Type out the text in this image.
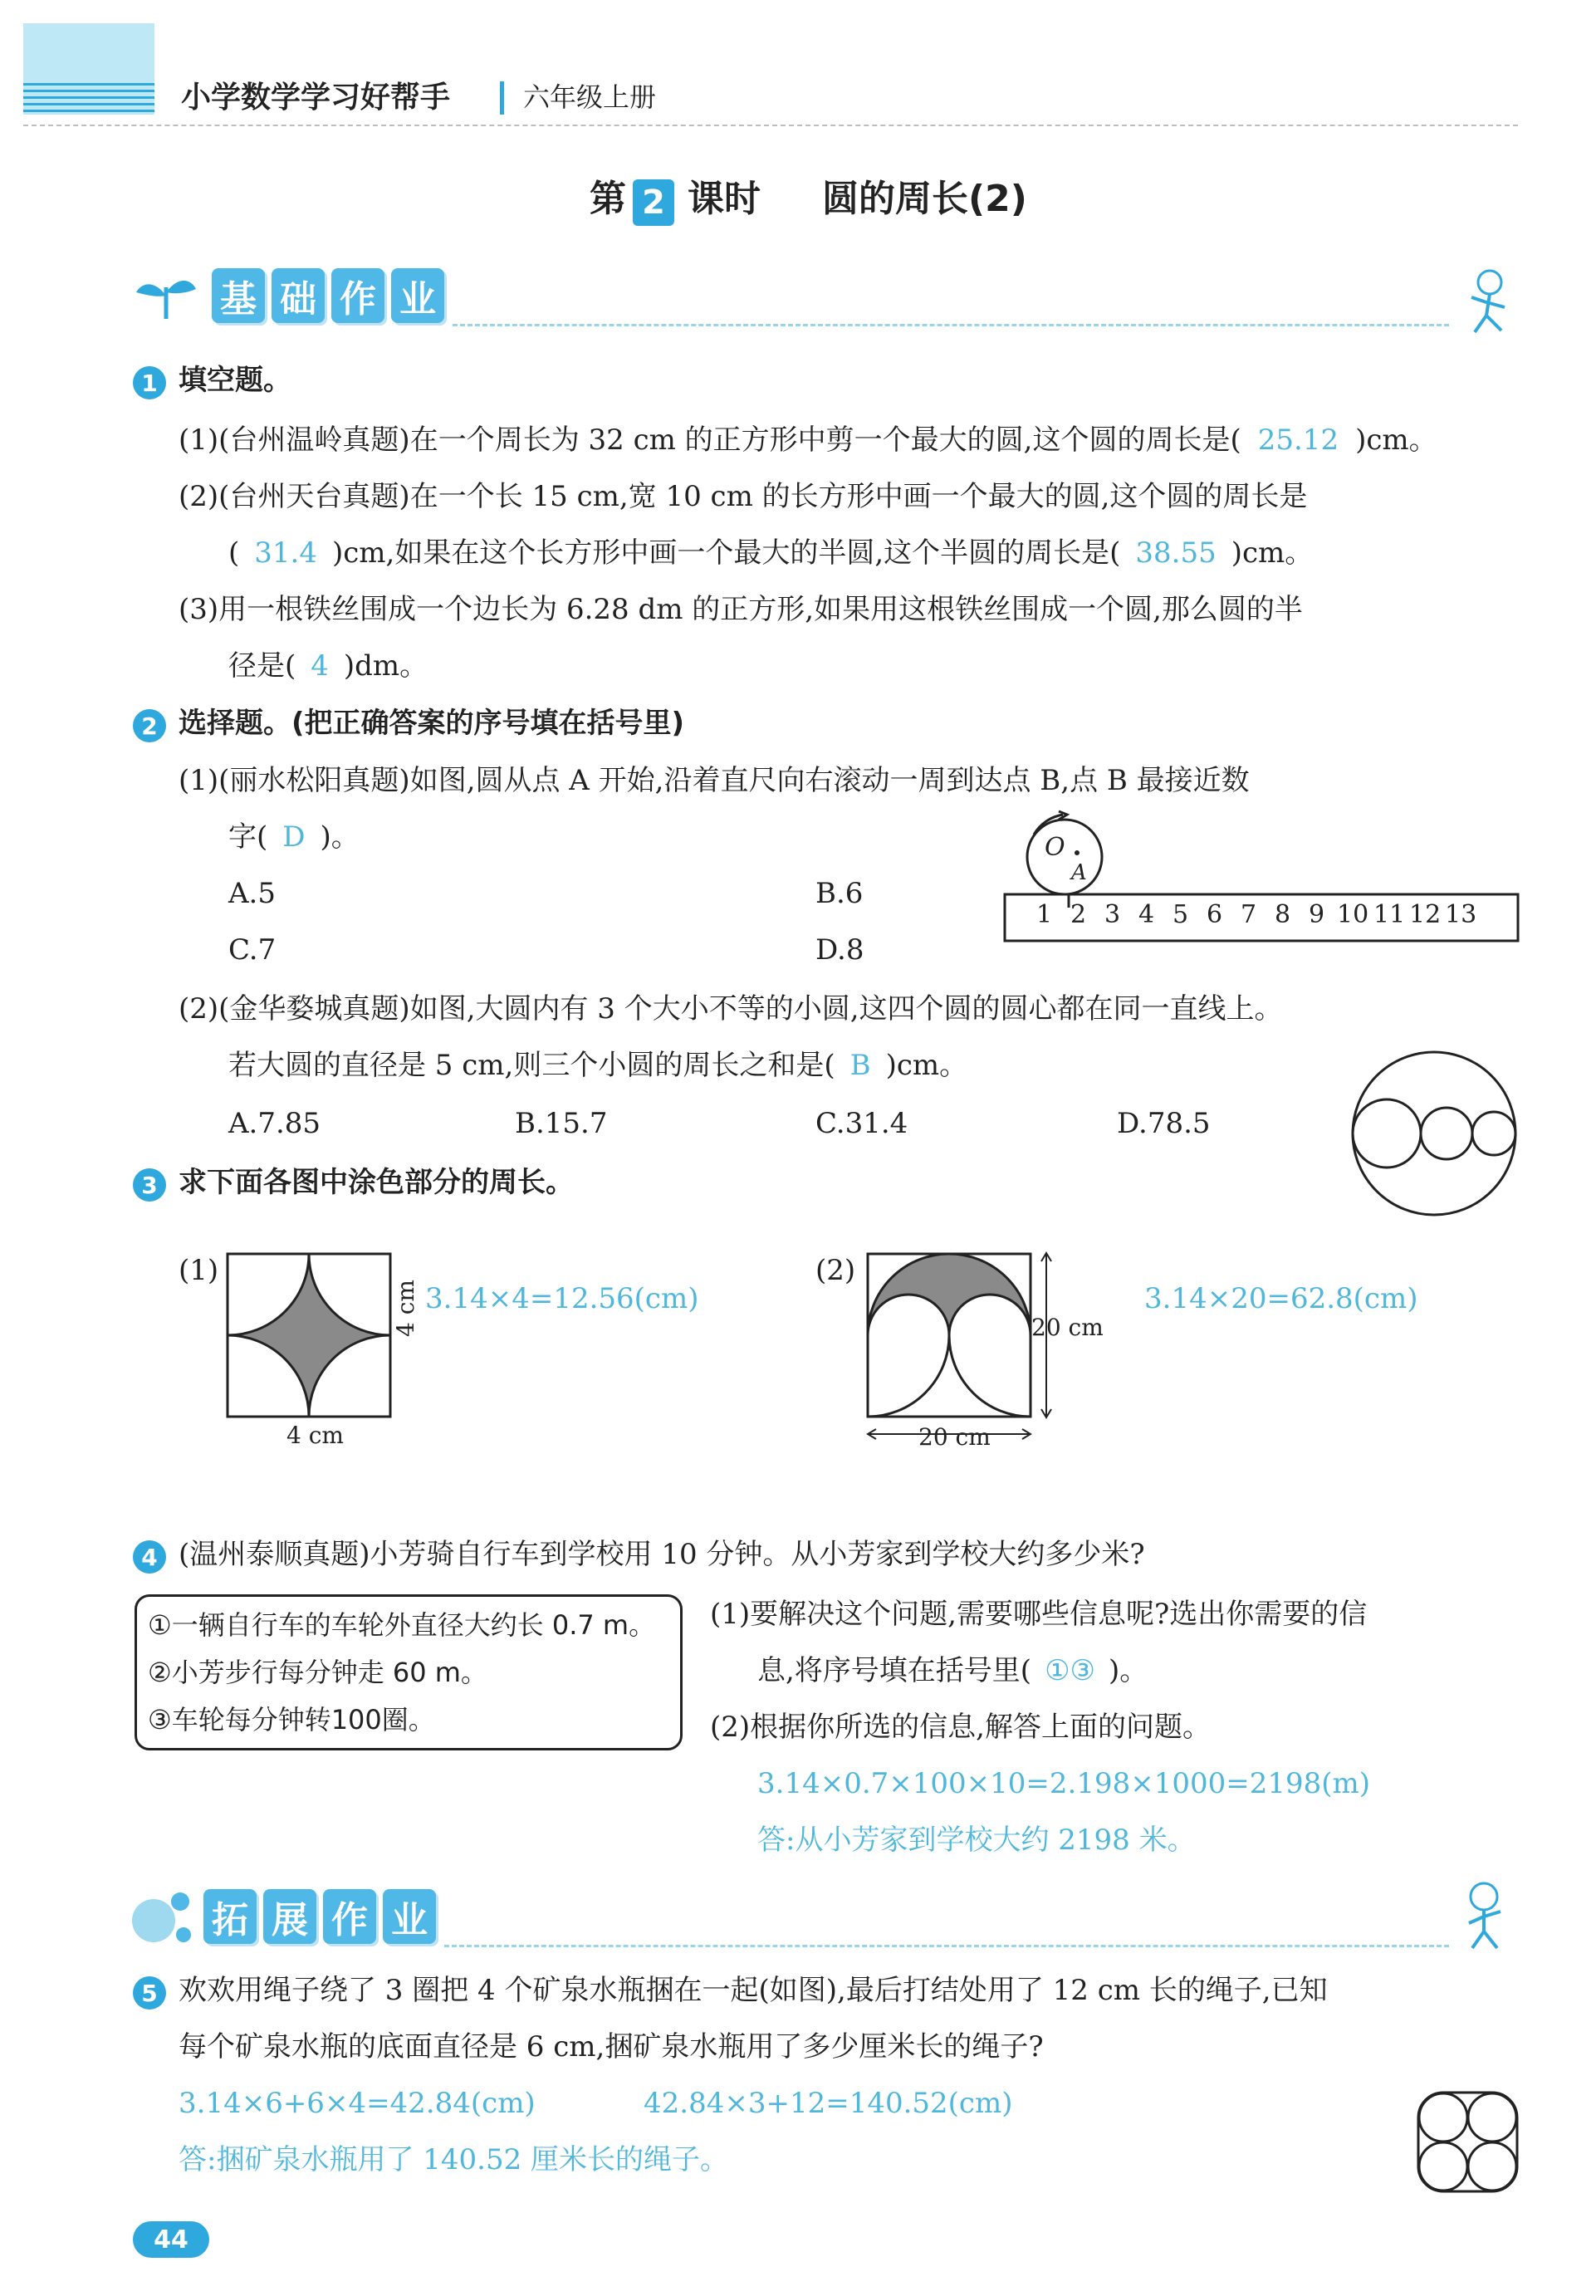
小学数学学习好帮手	六年级上册
第 2 课时 圆的周长(2)
基 础 作 业
1 填空题。
(1)(台州温岭真题)在一个周长为 32 cm 的正方形中剪一个最大的圆,这个圆的周长是( 25.12 )cm。
(2)(台州天台真题)在一个长 15 cm,宽 10 cm 的长方形中画一个最大的圆,这个圆的周长是
( 31.4 )cm,如果在这个长方形中画一个最大的半圆,这个半圆的周长是( 38.55 )cm。
(3)用一根铁丝围成一个边长为 6.28 dm 的正方形,如果用这根铁丝围成一个圆,那么圆的半
径是( 4 )dm。
2 选择题。(把正确答案的序号填在括号里)
(1)(丽水松阳真题)如图,圆从点 A 开始,沿着直尺向右滚动一周到达点 B,点 B 最接近数
字( D )。
A.5	B.6
C.7	D.8
O
A
1 2 3 4 5 6 7 8 9 10 11 12 13
(2)(金华婺城真题)如图,大圆内有 3 个大小不等的小圆,这四个圆的圆心都在同一直线上。
若大圆的直径是 5 cm,则三个小圆的周长之和是( B )cm。
A.7.85	B.15.7	C.31.4	D.78.5
3 求下面各图中涂色部分的周长。
(1)
4 cm
4 cm
3.14×4=12.56(cm)
(2)
20 cm
20 cm
3.14×20=62.8(cm)
4 (温州泰顺真题)小芳骑自行车到学校用 10 分钟。从小芳家到学校大约多少米?
①一辆自行车的车轮外直径大约长 0.7 m。
②小芳步行每分钟走 60 m。
③车轮每分钟转100圈。
(1)要解决这个问题,需要哪些信息呢?选出你需要的信
息,将序号填在括号里( ①③ )。
(2)根据你所选的信息,解答上面的问题。
3.14×0.7×100×10=2.198×1000=2198(m)
答:从小芳家到学校大约 2198 米。
拓 展 作 业
5 欢欢用绳子绕了 3 圈把 4 个矿泉水瓶捆在一起(如图),最后打结处用了 12 cm 长的绳子,已知
每个矿泉水瓶的底面直径是 6 cm,捆矿泉水瓶用了多少厘米长的绳子?
3.14×6+6×4=42.84(cm)	42.84×3+12=140.52(cm)
答:捆矿泉水瓶用了 140.52 厘米长的绳子。
44
